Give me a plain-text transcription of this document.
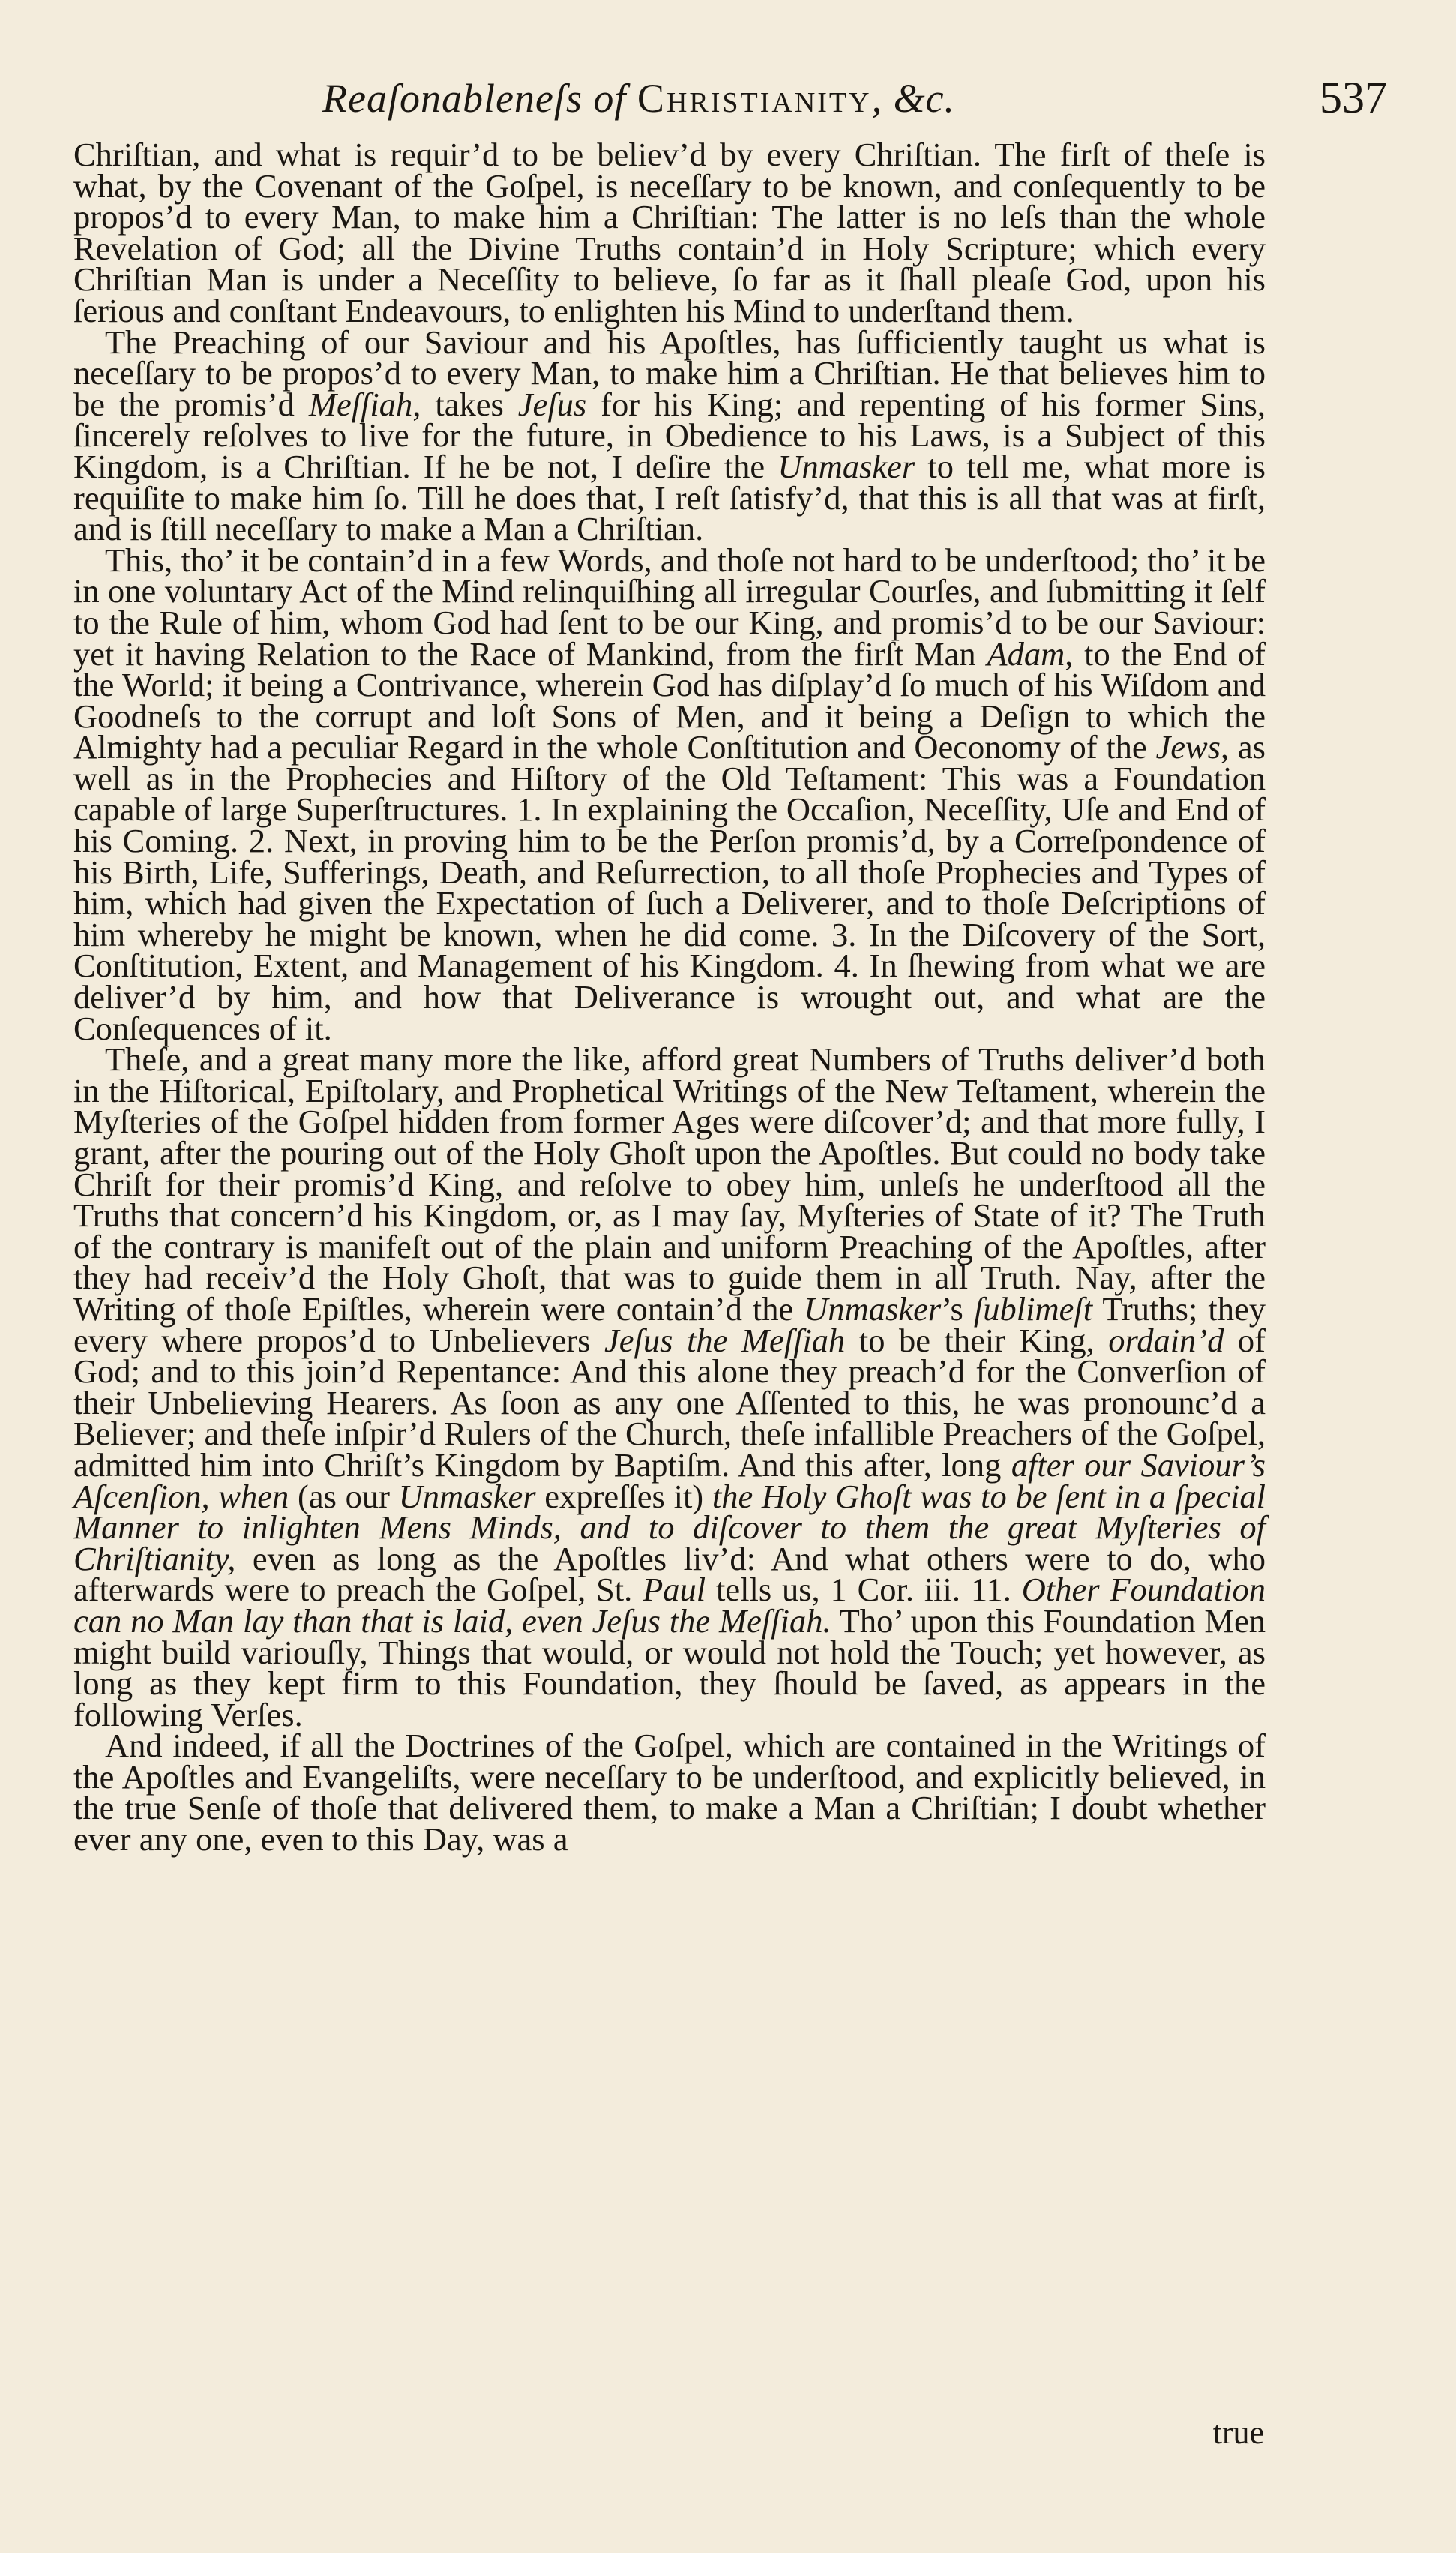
Reaſonableneſs of Christianity, &c.	537

Chriſtian, and what is requir’d to be believ’d by every Chriſtian. The firſt of theſe is what, by the Covenant of the Goſpel, is neceſſary to be known, and conſequently to be propos’d to every Man, to make him a Chriſtian: The latter is no leſs than the whole Revelation of God; all the Divine Truths contain’d in Holy Scripture; which every Chriſtian Man is under a Neceſſity to believe, ſo far as it ſhall pleaſe God, upon his ſerious and conſtant Endeavours, to enlighten his Mind to underſtand them.

The Preaching of our Saviour and his Apoſtles, has ſufficiently taught us what is neceſſary to be propos’d to every Man, to make him a Chriſtian. He that believes him to be the promis’d Meſſiah, takes Jeſus for his King; and repenting of his former Sins, ſincerely reſolves to live for the future, in Obedience to his Laws, is a Subject of this Kingdom, is a Chriſtian. If he be not, I deſire the Unmasker to tell me, what more is requiſite to make him ſo. Till he does that, I reſt ſatisfy’d, that this is all that was at firſt, and is ſtill neceſſary to make a Man a Chriſtian.

This, tho’ it be contain’d in a few Words, and thoſe not hard to be underſtood; tho’ it be in one voluntary Act of the Mind relinquiſhing all irregular Courſes, and ſubmitting it ſelf to the Rule of him, whom God had ſent to be our King, and promis’d to be our Saviour: yet it having Relation to the Race of Mankind, from the firſt Man Adam, to the End of the World; it being a Contrivance, wherein God has diſplay’d ſo much of his Wiſdom and Goodneſs to the corrupt and loſt Sons of Men, and it being a Deſign to which the Almighty had a peculiar Regard in the whole Conſtitution and Oeconomy of the Jews, as well as in the Prophecies and Hiſtory of the Old Teſtament: This was a Foundation capable of large Superſtructures. 1. In explaining the Occaſion, Neceſſity, Uſe and End of his Coming. 2. Next, in proving him to be the Perſon promis’d, by a Correſpondence of his Birth, Life, Sufferings, Death, and Reſurrection, to all thoſe Prophecies and Types of him, which had given the Expectation of ſuch a Deliverer, and to thoſe Deſcriptions of him whereby he might be known, when he did come. 3. In the Diſcovery of the Sort, Conſtitution, Extent, and Management of his Kingdom. 4. In ſhewing from what we are deliver’d by him, and how that Deliverance is wrought out, and what are the Conſequences of it.

Theſe, and a great many more the like, afford great Numbers of Truths deliver’d both in the Hiſtorical, Epiſtolary, and Prophetical Writings of the New Teſtament, wherein the Myſteries of the Goſpel hidden from former Ages were diſcover’d; and that more fully, I grant, after the pouring out of the Holy Ghoſt upon the Apoſtles. But could no body take Chriſt for their promis’d King, and reſolve to obey him, unleſs he underſtood all the Truths that concern’d his Kingdom, or, as I may ſay, Myſteries of State of it? The Truth of the contrary is manifeſt out of the plain and uniform Preaching of the Apoſtles, after they had receiv’d the Holy Ghoſt, that was to guide them in all Truth. Nay, after the Writing of thoſe Epiſtles, wherein were contain’d the Unmasker’s ſublimeſt Truths; they every where propos’d to Unbelievers Jeſus the Meſſiah to be their King, ordain’d of God; and to this join’d Repentance: And this alone they preach’d for the Converſion of their Unbelieving Hearers. As ſoon as any one Aſſented to this, he was pronounc’d a Believer; and theſe inſpir’d Rulers of the Church, theſe infallible Preachers of the Goſpel, admitted him into Chriſt’s Kingdom by Baptiſm. And this after, long after our Saviour’s Aſcenſion, when (as our Unmasker expreſſes it) the Holy Ghoſt was to be ſent in a ſpecial Manner to inlighten Mens Minds, and to diſcover to them the great Myſteries of Chriſtianity, even as long as the Apoſtles liv’d: And what others were to do, who afterwards were to preach the Goſpel, St. Paul tells us, 1 Cor. iii. 11. Other Foundation can no Man lay than that is laid, even Jeſus the Meſſiah. Tho’ upon this Foundation Men might build variouſly, Things that would, or would not hold the Touch; yet however, as long as they kept firm to this Foundation, they ſhould be ſaved, as appears in the following Verſes.

And indeed, if all the Doctrines of the Goſpel, which are contained in the Writings of the Apoſtles and Evangeliſts, were neceſſary to be underſtood, and explicitly believed, in the true Senſe of thoſe that delivered them, to make a Man a Chriſtian; I doubt whether ever any one, even to this Day, was a

true
